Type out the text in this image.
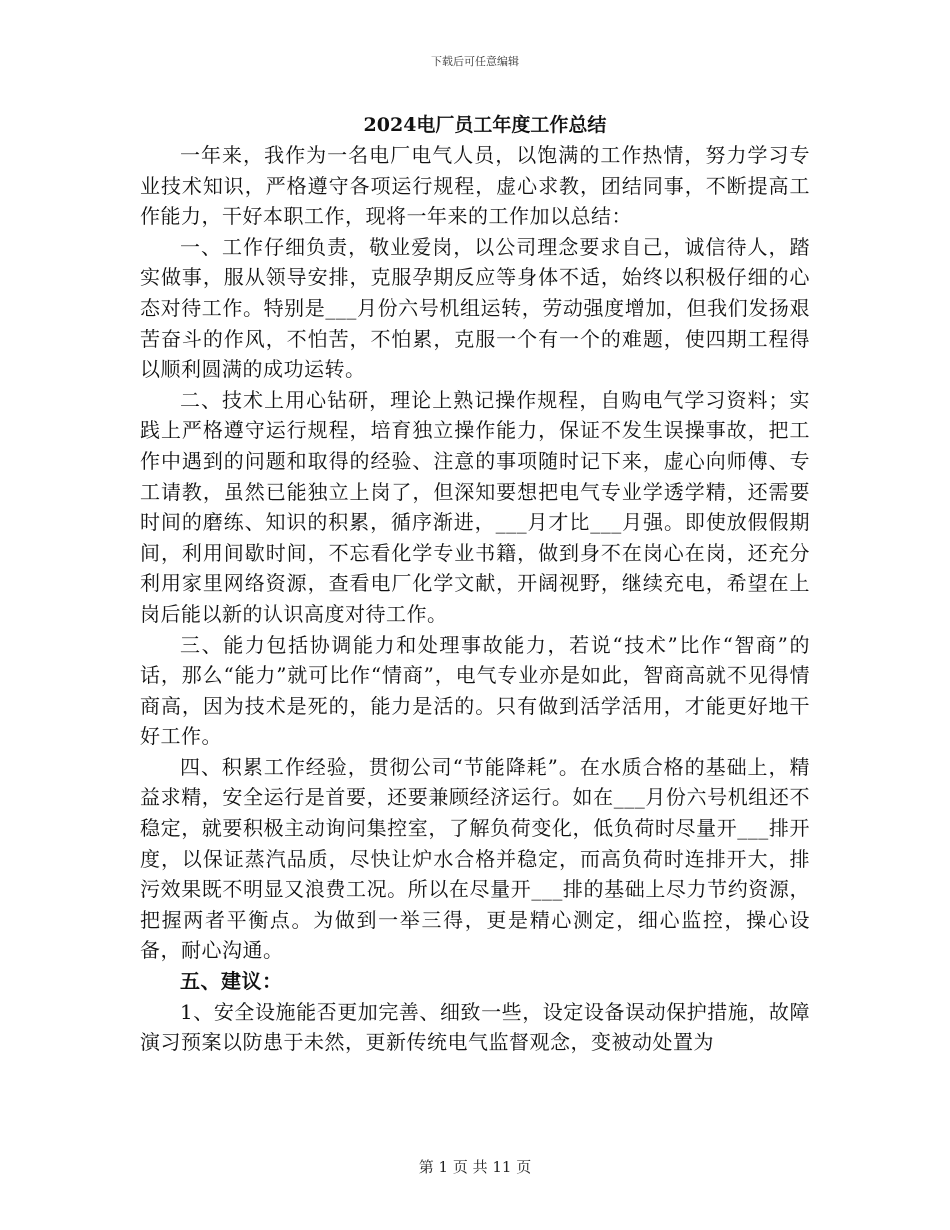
下载后可任意编辑
2024电厂员工年度工作总结

一年来，我作为一名电厂电气人员，以饱满的工作热情，努力学习专业技术知识，严格遵守各项运行规程，虚心求教，团结同事，不断提高工作能力，干好本职工作，现将一年来的工作加以总结：

一、工作仔细负责，敬业爱岗，以公司理念要求自己，诚信待人，踏实做事，服从领导安排，克服孕期反应等身体不适，始终以积极仔细的心态对待工作。特别是___月份六号机组运转，劳动强度增加，但我们发扬艰苦奋斗的作风，不怕苦，不怕累，克服一个有一个的难题，使四期工程得以顺利圆满的成功运转。

二、技术上用心钻研，理论上熟记操作规程，自购电气学习资料；实践上严格遵守运行规程，培育独立操作能力，保证不发生误操事故，把工作中遇到的问题和取得的经验、注意的事项随时记下来，虚心向师傅、专工请教，虽然已能独立上岗了，但深知要想把电气专业学透学精，还需要时间的磨练、知识的积累，循序渐进，___月才比___月强。即使放假假期间，利用间歇时间，不忘看化学专业书籍，做到身不在岗心在岗，还充分利用家里网络资源，查看电厂化学文献，开阔视野，继续充电，希望在上岗后能以新的认识高度对待工作。

三、能力包括协调能力和处理事故能力，若说“技术”比作“智商”的话，那么“能力”就可比作“情商”，电气专业亦是如此，智商高就不见得情商高，因为技术是死的，能力是活的。只有做到活学活用，才能更好地干好工作。

四、积累工作经验，贯彻公司“节能降耗”。在水质合格的基础上，精益求精，安全运行是首要，还要兼顾经济运行。如在___月份六号机组还不稳定，就要积极主动询问集控室，了解负荷变化，低负荷时尽量开___排开度，以保证蒸汽品质，尽快让炉水合格并稳定，而高负荷时连排开大，排污效果既不明显又浪费工况。所以在尽量开___排的基础上尽力节约资源，把握两者平衡点。为做到一举三得，更是精心测定，细心监控，操心设备，耐心沟通。

五、建议：

1、安全设施能否更加完善、细致一些，设定设备误动保护措施，故障演习预案以防患于未然，更新传统电气监督观念，变被动处置为

第 1 页 共 11 页
